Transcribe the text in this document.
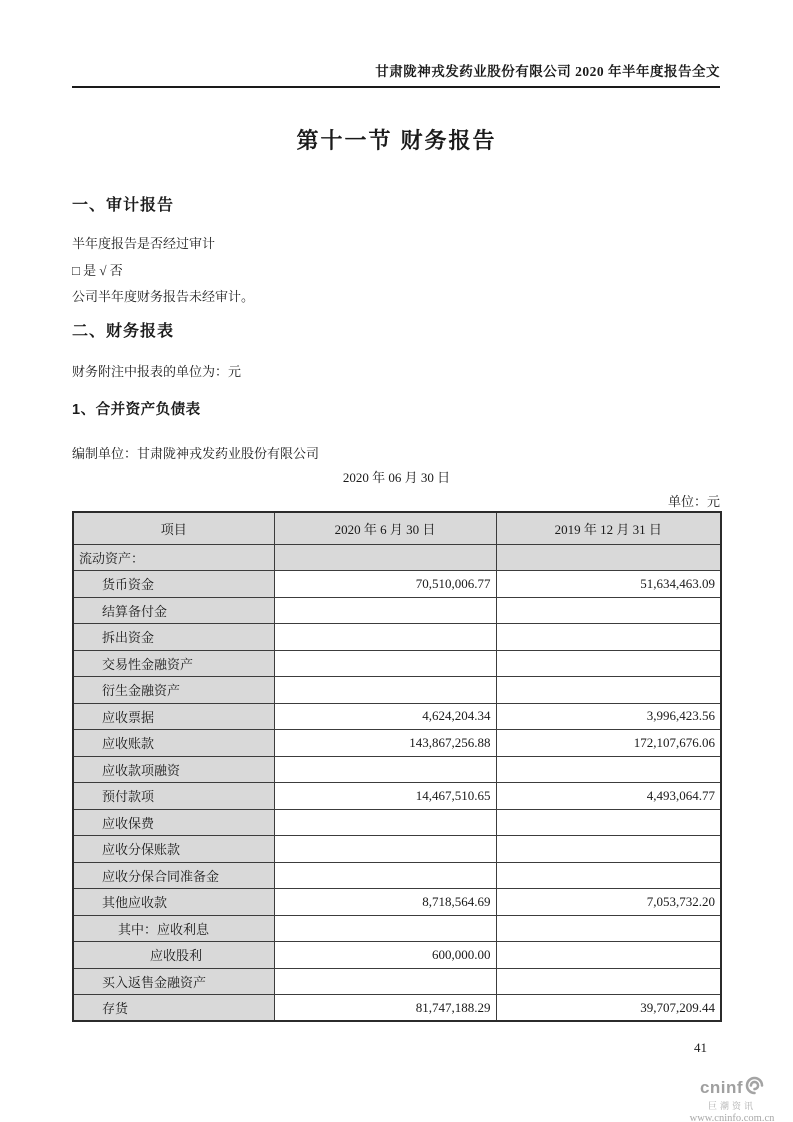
甘肃陇神戎发药业股份有限公司 2020 年半年度报告全文
第十一节 财务报告
一、审计报告
半年度报告是否经过审计
□ 是 √ 否
公司半年度财务报告未经审计。
二、财务报表
财务附注中报表的单位为：元
1、合并资产负债表
编制单位：甘肃陇神戎发药业股份有限公司
2020 年 06 月 30 日
单位：元
项目	2020 年 6 月 30 日	2019 年 12 月 31 日
流动资产：		
货币资金	70,510,006.77	51,634,463.09
结算备付金		
拆出资金		
交易性金融资产		
衍生金融资产		
应收票据	4,624,204.34	3,996,423.56
应收账款	143,867,256.88	172,107,676.06
应收款项融资		
预付款项	14,467,510.65	4,493,064.77
应收保费		
应收分保账款		
应收分保合同准备金		
其他应收款	8,718,564.69	7,053,732.20
其中：应收利息		
应收股利	600,000.00	
买入返售金融资产		
存货	81,747,188.29	39,707,209.44
41
cninf
巨潮资讯
www.cninfo.com.cn
